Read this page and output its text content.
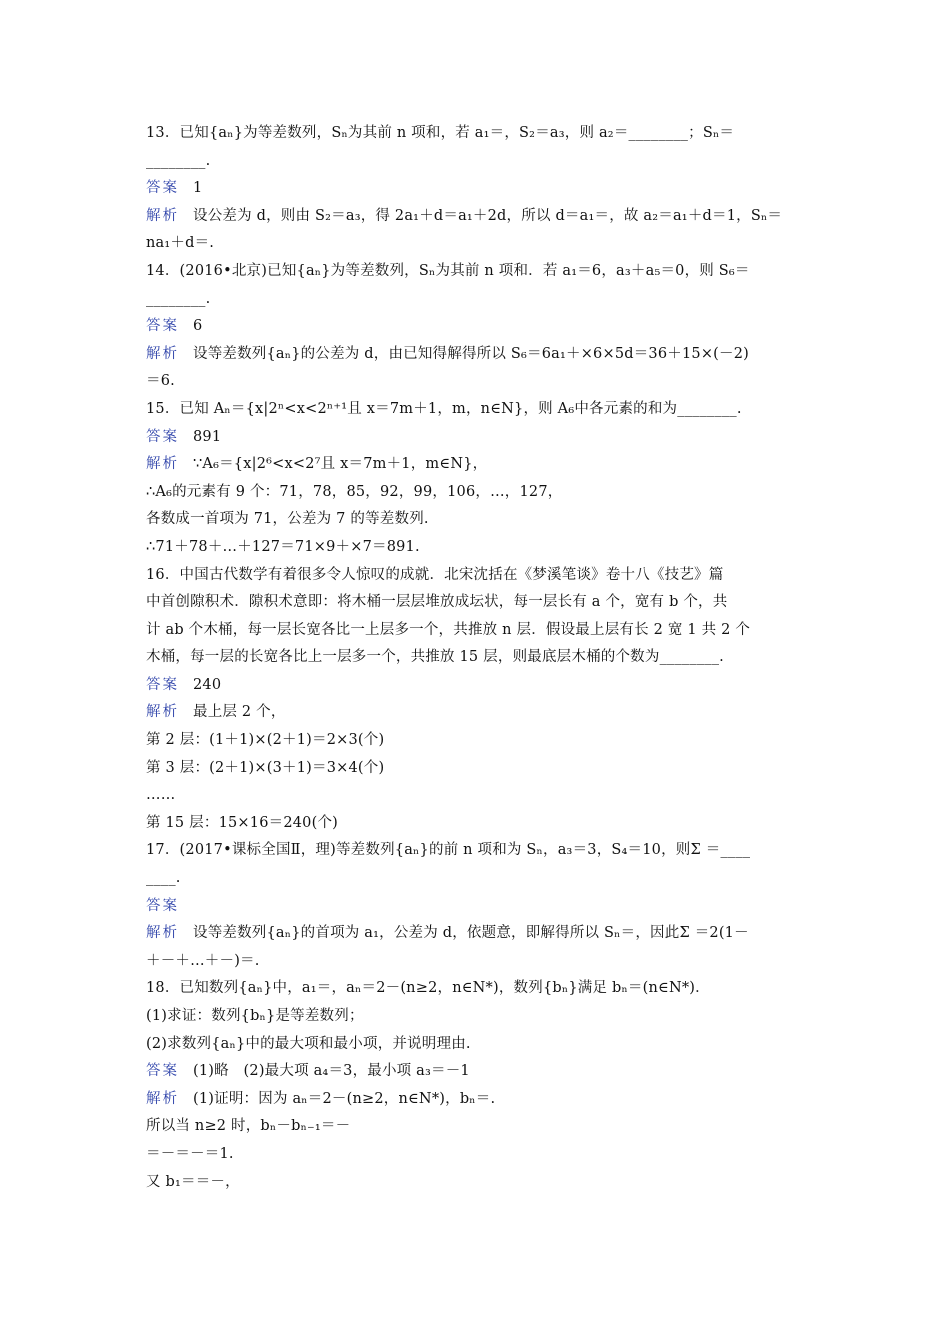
13．已知{aₙ}为等差数列，Sₙ为其前 n 项和，若 a₁＝，S₂＝a₃，则 a₂＝________；Sₙ＝
________.
答案 1
解析 设公差为 d，则由 S₂＝a₃，得 2a₁＋d＝a₁＋2d，所以 d＝a₁＝，故 a₂＝a₁＋d＝1，Sₙ＝
na₁＋d＝.
14．(2016•北京)已知{aₙ}为等差数列，Sₙ为其前 n 项和．若 a₁＝6，a₃＋a₅＝0，则 S₆＝
________.
答案 6
解析 设等差数列{aₙ}的公差为 d，由已知得解得所以 S₆＝6a₁＋×6×5d＝36＋15×(－2)
＝6.
15．已知 Aₙ＝{x|2ⁿ<x<2ⁿ⁺¹且 x＝7m＋1，m，n∈N}，则 A₆中各元素的和为________.
答案 891
解析 ∵A₆＝{x|2⁶<x<2⁷且 x＝7m＋1，m∈N}，
∴A₆的元素有 9 个：71，78，85，92，99，106，…，127，
各数成一首项为 71，公差为 7 的等差数列.
∴71＋78＋…＋127＝71×9＋×7＝891.
16．中国古代数学有着很多令人惊叹的成就．北宋沈括在《梦溪笔谈》卷十八《技艺》篇
中首创隙积术．隙积术意即：将木桶一层层堆放成坛状，每一层长有 a 个，宽有 b 个，共
计 ab 个木桶，每一层长宽各比一上层多一个，共推放 n 层．假设最上层有长 2 宽 1 共 2 个
木桶，每一层的长宽各比上一层多一个，共推放 15 层，则最底层木桶的个数为________.
答案 240
解析 最上层 2 个，
第 2 层：(1＋1)×(2＋1)＝2×3(个)
第 3 层：(2＋1)×(3＋1)＝3×4(个)
……
第 15 层：15×16＝240(个)
17．(2017•课标全国Ⅱ，理)等差数列{aₙ}的前 n 项和为 Sₙ，a₃＝3，S₄＝10，则Σ ＝____
____.
答案
解析 设等差数列{aₙ}的首项为 a₁，公差为 d，依题意，即解得所以 Sₙ＝，因此Σ ＝2(1－
＋－＋…＋－)＝.
18．已知数列{aₙ}中，a₁＝，aₙ＝2－(n≥2，n∈N*)，数列{bₙ}满足 bₙ＝(n∈N*)．
(1)求证：数列{bₙ}是等差数列；
(2)求数列{aₙ}中的最大项和最小项，并说明理由.
答案 (1)略　(2)最大项 a₄＝3，最小项 a₃＝－1
解析 (1)证明：因为 aₙ＝2－(n≥2，n∈N*)，bₙ＝.
所以当 n≥2 时，bₙ－bₙ₋₁＝－
＝－＝－＝1.
又 b₁＝＝－，
